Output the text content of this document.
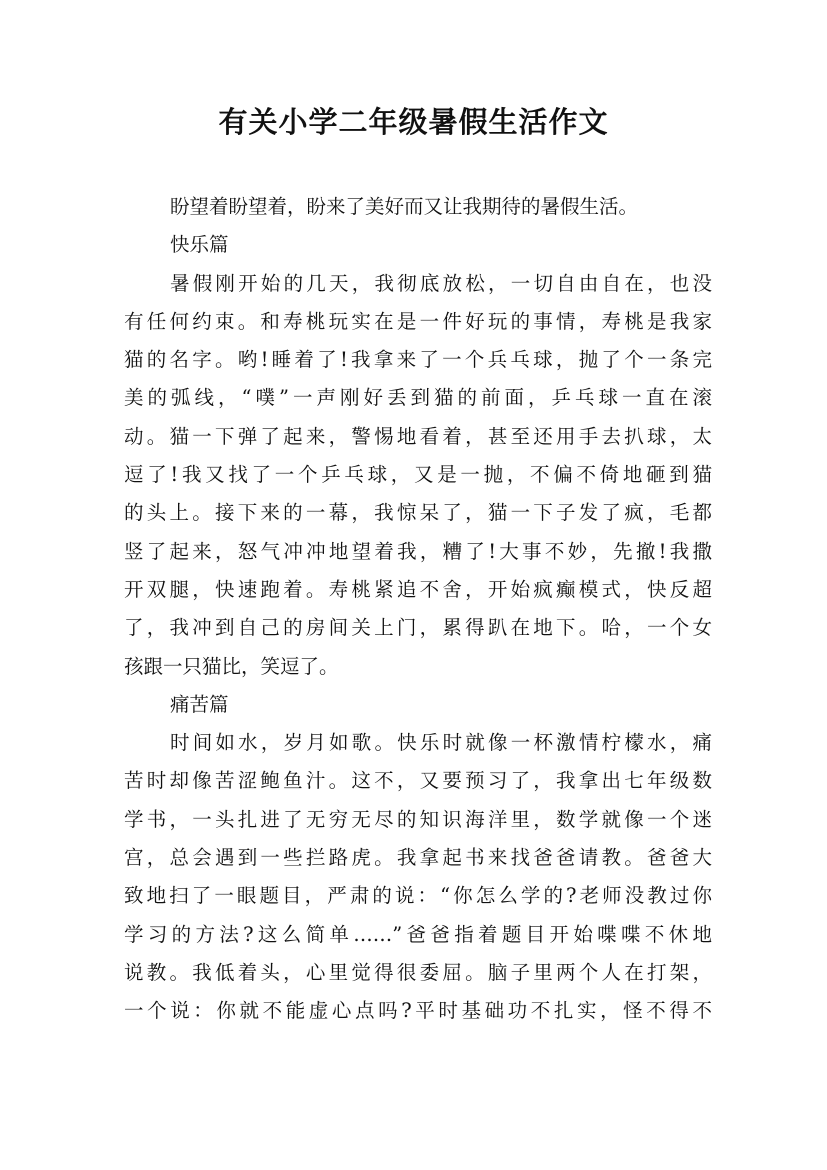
有关小学二年级暑假生活作文
盼望着盼望着，盼来了美好而又让我期待的暑假生活。
快乐篇
暑假刚开始的几天，我彻底放松，一切自由自在，也没
有任何约束。和寿桃玩实在是一件好玩的事情，寿桃是我家
猫的名字。哟!睡着了!我拿来了一个兵乓球，抛了个一条完
美的弧线，“噗”一声刚好丢到猫的前面，乒乓球一直在滚
动。猫一下弹了起来，警惕地看着，甚至还用手去扒球，太
逗了!我又找了一个乒乓球，又是一抛，不偏不倚地砸到猫
的头上。接下来的一幕，我惊呆了，猫一下子发了疯，毛都
竖了起来，怒气冲冲地望着我，糟了!大事不妙，先撤!我撒
开双腿，快速跑着。寿桃紧追不舍，开始疯癫模式，快反超
了，我冲到自己的房间关上门，累得趴在地下。哈，一个女
孩跟一只猫比，笑逗了。
痛苦篇
时间如水，岁月如歌。快乐时就像一杯激情柠檬水，痛
苦时却像苦涩鲍鱼汁。这不，又要预习了，我拿出七年级数
学书，一头扎进了无穷无尽的知识海洋里，数学就像一个迷
宫，总会遇到一些拦路虎。我拿起书来找爸爸请教。爸爸大
致地扫了一眼题目，严肃的说：“你怎么学的?老师没教过你
学习的方法?这么简单……”爸爸指着题目开始喋喋不休地
说教。我低着头，心里觉得很委屈。脑子里两个人在打架，
一个说：你就不能虚心点吗?平时基础功不扎实，怪不得不
